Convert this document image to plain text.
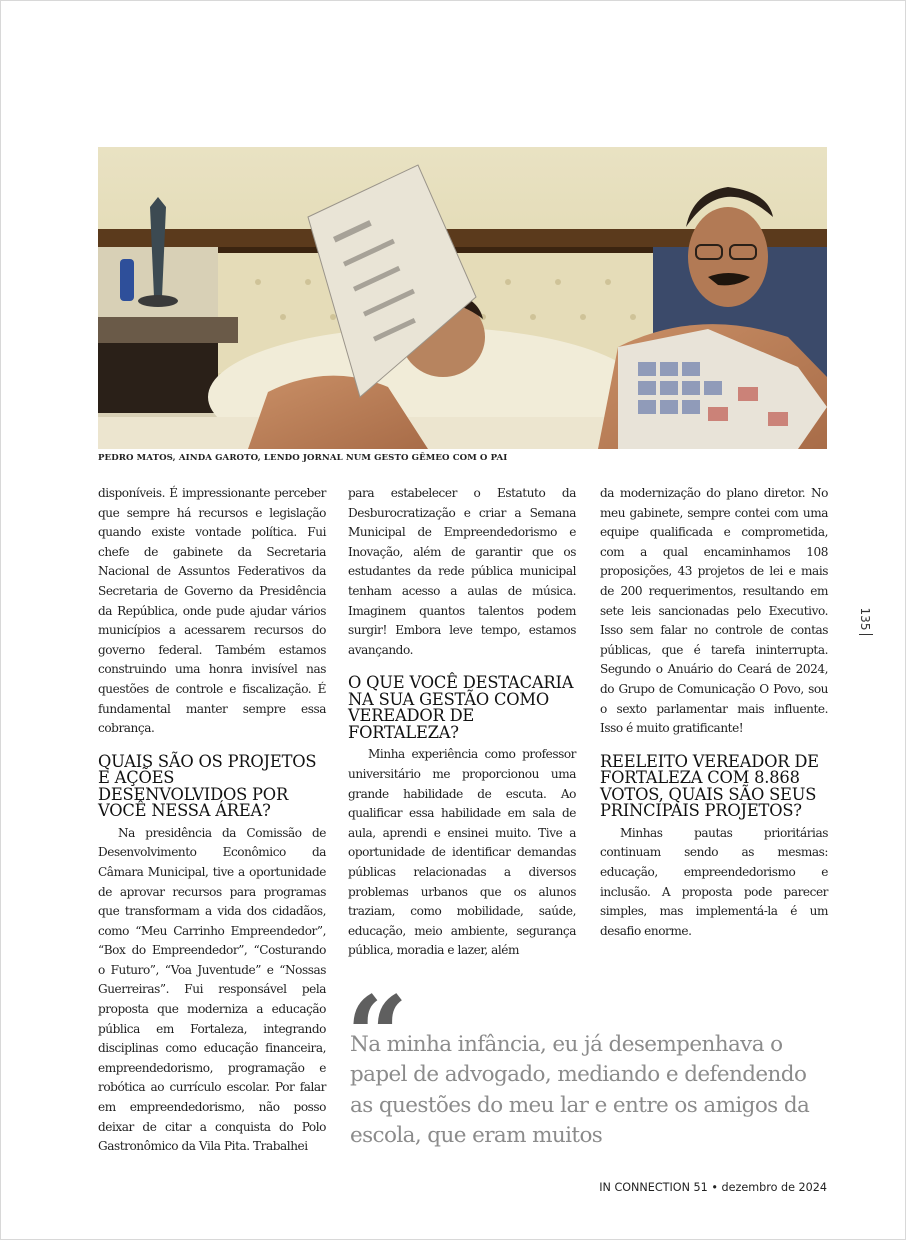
PEDRO MATOS, AINDA GAROTO, LENDO JORNAL NUM GESTO GÊMEO COM O PAI

disponíveis. É impressionante perceber que sempre há recursos e legislação quando existe vontade política. Fui chefe de gabinete da Secretaria Nacional de Assuntos Federativos da Secretaria de Governo da Presidência da República, onde pude ajudar vários municípios a acessarem recursos do governo federal. Também estamos construindo uma honra invisível nas questões de controle e fiscalização. É fundamental manter sempre essa cobrança.

QUAIS SÃO OS PROJETOS E AÇÕES DESENVOLVIDOS POR VOCÊ NESSA ÁREA?

Na presidência da Comissão de Desenvolvimento Econômico da Câmara Municipal, tive a oportunidade de aprovar recursos para programas que transformam a vida dos cidadãos, como “Meu Carrinho Empreendedor”, “Box do Empreendedor”, “Costurando o Futuro”, “Voa Juventude” e “Nossas Guerreiras”. Fui responsável pela proposta que moderniza a educação pública em Fortaleza, integrando disciplinas como educação financeira, empreendedorismo, programação e robótica ao currículo escolar. Por falar em empreendedorismo, não posso deixar de citar a conquista do Polo Gastronômico da Vila Pita. Trabalhei

para estabelecer o Estatuto da Desburocratização e criar a Semana Municipal de Empreendedorismo e Inovação, além de garantir que os estudantes da rede pública municipal tenham acesso a aulas de música. Imaginem quantos talentos podem surgir! Embora leve tempo, estamos avançando.

O QUE VOCÊ DESTACARIA NA SUA GESTÃO COMO VEREADOR DE FORTALEZA?

Minha experiência como professor universitário me proporcionou uma grande habilidade de escuta. Ao qualificar essa habilidade em sala de aula, aprendi e ensinei muito. Tive a oportunidade de identificar demandas públicas relacionadas a diversos problemas urbanos que os alunos traziam, como mobilidade, saúde, educação, meio ambiente, segurança pública, moradia e lazer, além

da modernização do plano diretor. No meu gabinete, sempre contei com uma equipe qualificada e comprometida, com a qual encaminhamos 108 proposições, 43 projetos de lei e mais de 200 requerimentos, resultando em sete leis sancionadas pelo Executivo. Isso sem falar no controle de contas públicas, que é tarefa ininterrupta. Segundo o Anuário do Ceará de 2024, do Grupo de Comunicação O Povo, sou o sexto parlamentar mais influente. Isso é muito gratificante!

REELEITO VEREADOR DE FORTALEZA COM 8.868 VOTOS, QUAIS SÃO SEUS PRINCIPAIS PROJETOS?

Minhas pautas prioritárias continuam sendo as mesmas: educação, empreendedorismo e inclusão. A proposta pode parecer simples, mas implementá-la é um desafio enorme.

“
Na minha infância, eu já desempenhava o papel de advogado, mediando e defendendo as questões do meu lar e entre os amigos da escola, que eram muitos
135
IN CONNECTION 51 • dezembro de 2024
